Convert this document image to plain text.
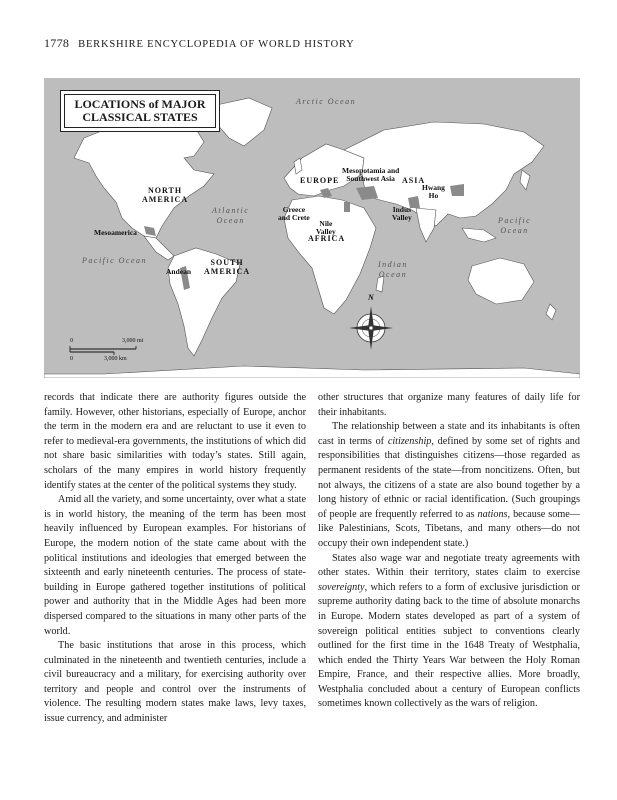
1778 BERKSHIRE ENCYCLOPEDIA OF WORLD HISTORY
LOCATIONS of MAJOR
CLASSICAL STATES
Arctic Ocean
Atlantic
Ocean
Pacific Ocean
Pacific
Ocean
Indian
Ocean
NORTH
AMERICA
SOUTH
AMERICA
EUROPE	ASIA
AFRICA
Mesoamerica
Andean
Greece
and Crete
Nile
Valley
Mesopotamia and
Southwest Asia
Indus
Valley
Hwang
Ho
N
0	3,000 mi
0	3,000 km

records that indicate there are authority figures outside the family. However, other historians, especially of Europe, anchor the term in the modern era and are reluctant to use it even to refer to medieval-era governments, the institutions of which did not share basic similarities with today’s states. Still again, scholars of the many empires in world history frequently identify states at the center of the political systems they study.

Amid all the variety, and some uncertainty, over what a state is in world history, the meaning of the term has been most heavily influenced by European examples. For historians of Europe, the modern notion of the state came about with the political institutions and ideologies that emerged between the sixteenth and early nineteenth centuries. The process of state-building in Europe gathered together institutions of political power and authority that in the Middle Ages had been more dispersed compared to the situations in many other parts of the world.

The basic institutions that arose in this process, which culminated in the nineteenth and twentieth centuries, include a civil bureaucracy and a military, for exercising authority over territory and people and control over the instruments of violence. The resulting modern states make laws, levy taxes, issue currency, and administer

other structures that organize many features of daily life for their inhabitants.

The relationship between a state and its inhabitants is often cast in terms of citizenship, defined by some set of rights and responsibilities that distinguishes citizens—those regarded as permanent residents of the state—from noncitizens. Often, but not always, the citizens of a state are also bound together by a long history of ethnic or racial identification. (Such groupings of people are frequently referred to as nations, because some—like Palestinians, Scots, Tibetans, and many others—do not occupy their own independent state.)

States also wage war and negotiate treaty agreements with other states. Within their territory, states claim to exercise sovereignty, which refers to a form of exclusive jurisdiction or supreme authority dating back to the time of absolute monarchs in Europe. Modern states developed as part of a system of sovereign political entities subject to conventions clearly outlined for the first time in the 1648 Treaty of Westphalia, which ended the Thirty Years War between the Holy Roman Empire, France, and their respective allies. More broadly, Westphalia concluded about a century of European conflicts sometimes known collectively as the wars of religion.
